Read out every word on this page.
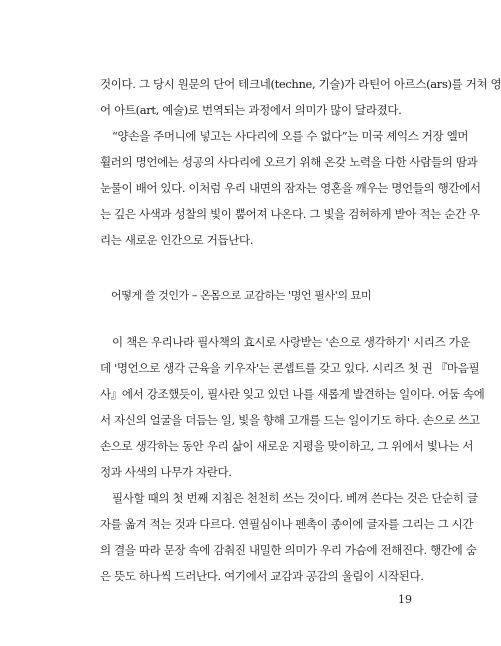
것이다. 그 당시 원문의 단어 테크네(techne, 기술)가 라틴어 아르스(ars)를 거쳐 영
어 아트(art, 예술)로 번역되는 과정에서 의미가 많이 달라졌다.
“양손을 주머니에 넣고는 사다리에 오를 수 없다”는 미국 셰익스 거장 엘머
휠러의 명언에는 성공의 사다리에 오르기 위해 온갖 노력을 다한 사람들의 땀과
눈물이 배어 있다. 이처럼 우리 내면의 잠자는 영혼을 깨우는 명언들의 행간에서
는 깊은 사색과 성찰의 빛이 뿜어져 나온다. 그 빛을 검허하게 받아 적는 순간 우
리는 새로운 인간으로 거듭난다.
어떻게 쓸 것인가 – 온몸으로 교감하는 '명언 필사'의 묘미
이 책은 우리나라 필사책의 효시로 사랑받는 '손으로 생각하기' 시리즈 가운
데 '명언으로 생각 근육을 키우자'는 콘셉트를 갖고 있다. 시리즈 첫 권 『마음필
사』에서 강조했듯이, 필사란 잊고 있던 나를 새롭게 발견하는 일이다. 어둠 속에
서 자신의 얼굴을 더듬는 일, 빛을 향해 고개를 드는 일이기도 하다. 손으로 쓰고
손으로 생각하는 동안 우리 삶이 새로운 지평을 맞이하고, 그 위에서 빛나는 서
정과 사색의 나무가 자란다.
필사할 때의 첫 번째 지침은 천천히 쓰는 것이다. 베껴 쓴다는 것은 단순히 글
자를 옮겨 적는 것과 다르다. 연필심이나 펜촉이 종이에 글자를 그리는 그 시간
의 결을 따라 문장 속에 감춰진 내밀한 의미가 우리 가슴에 전해진다. 행간에 숨
은 뜻도 하나씩 드러난다. 여기에서 교감과 공감의 울림이 시작된다.
19
